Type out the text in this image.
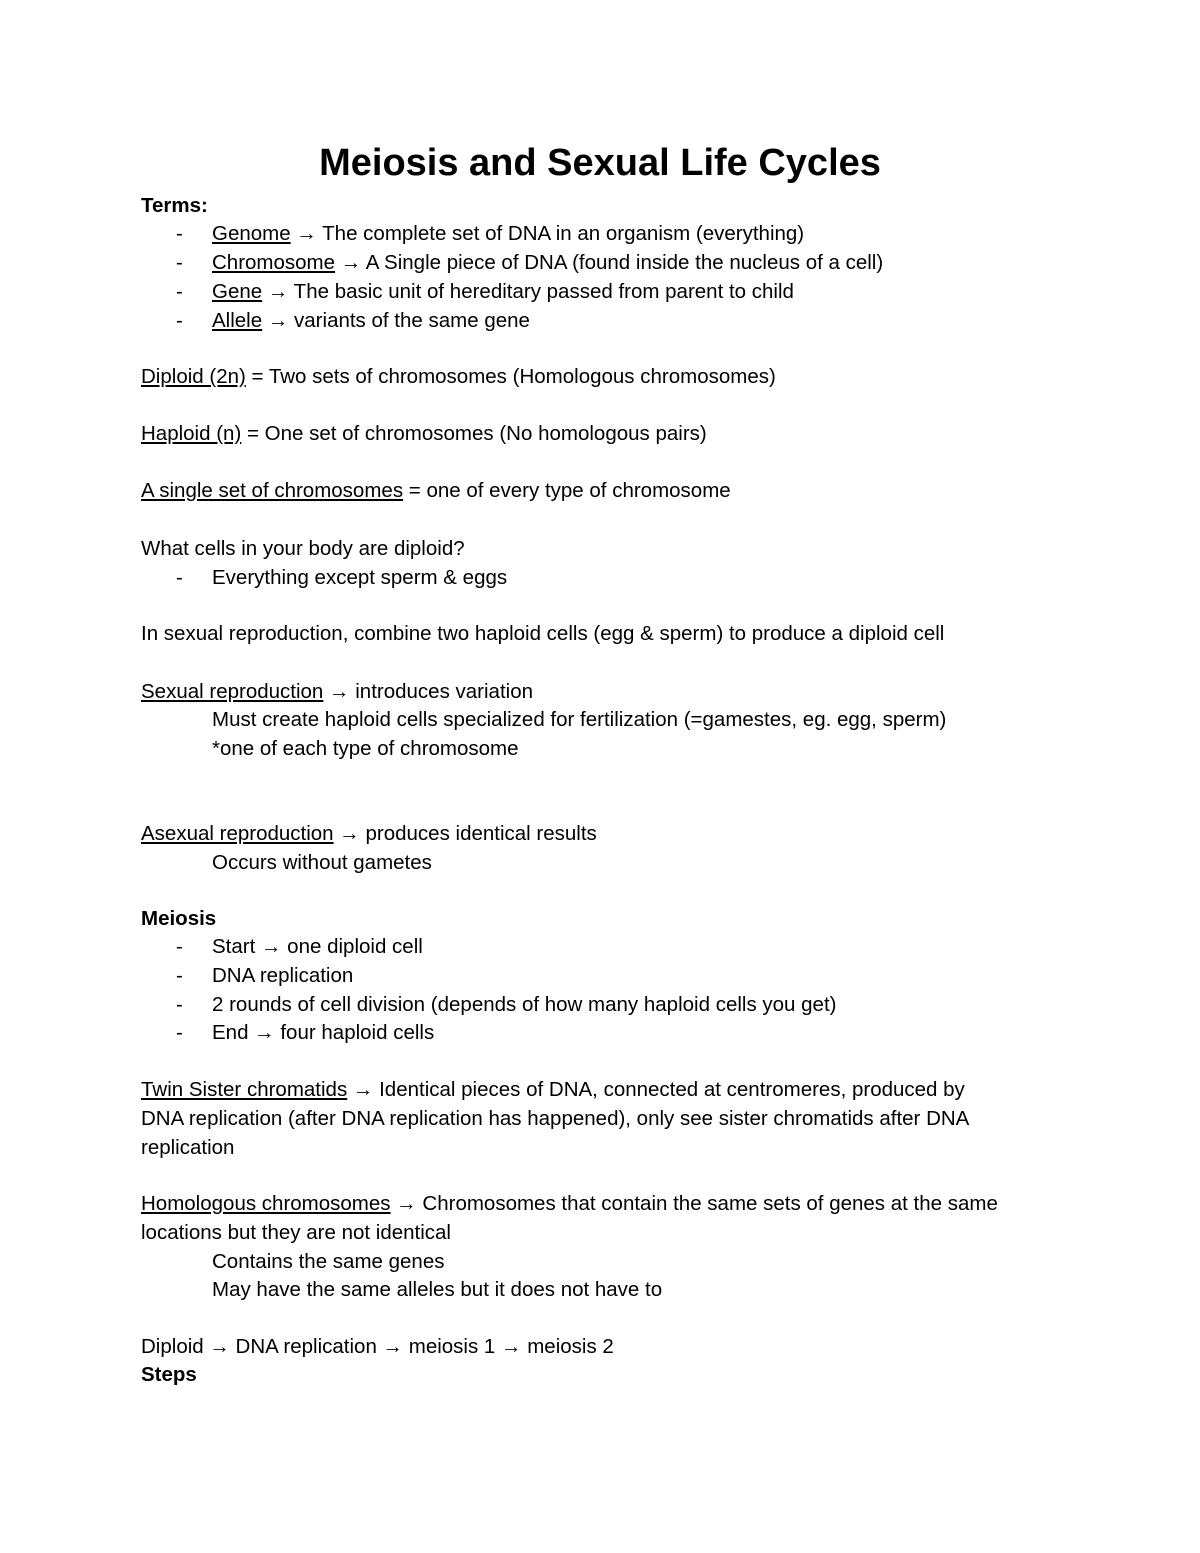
Meiosis and Sexual Life Cycles
Terms:
- Genome → The complete set of DNA in an organism (everything)
- Chromosome → A Single piece of DNA (found inside the nucleus of a cell)
- Gene → The basic unit of hereditary passed from parent to child
- Allele → variants of the same gene
Diploid (2n) = Two sets of chromosomes (Homologous chromosomes)
Haploid (n) = One set of chromosomes (No homologous pairs)
A single set of chromosomes = one of every type of chromosome
What cells in your body are diploid?
- Everything except sperm & eggs
In sexual reproduction, combine two haploid cells (egg & sperm) to produce a diploid cell
Sexual reproduction → introduces variation
Must create haploid cells specialized for fertilization (=gamestes, eg. egg, sperm)
*one of each type of chromosome
Asexual reproduction → produces identical results
Occurs without gametes
Meiosis
- Start → one diploid cell
- DNA replication
- 2 rounds of cell division (depends of how many haploid cells you get)
- End → four haploid cells
Twin Sister chromatids → Identical pieces of DNA, connected at centromeres, produced by
DNA replication (after DNA replication has happened), only see sister chromatids after DNA
replication
Homologous chromosomes → Chromosomes that contain the same sets of genes at the same
locations but they are not identical
Contains the same genes
May have the same alleles but it does not have to
Diploid → DNA replication → meiosis 1 → meiosis 2
Steps
